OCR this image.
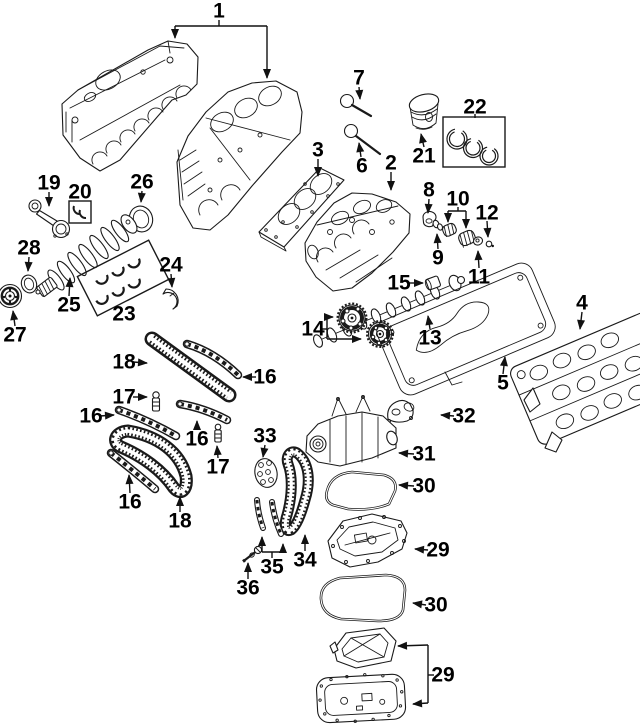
1
7
6 2 21
22
3
8 10
12
9
11
15
13
14
5
4
19 20 26
28
25
27
23
24
18
16
17
16
16
17
16
18
33
34
35
36
32
31
30
29
30
29
